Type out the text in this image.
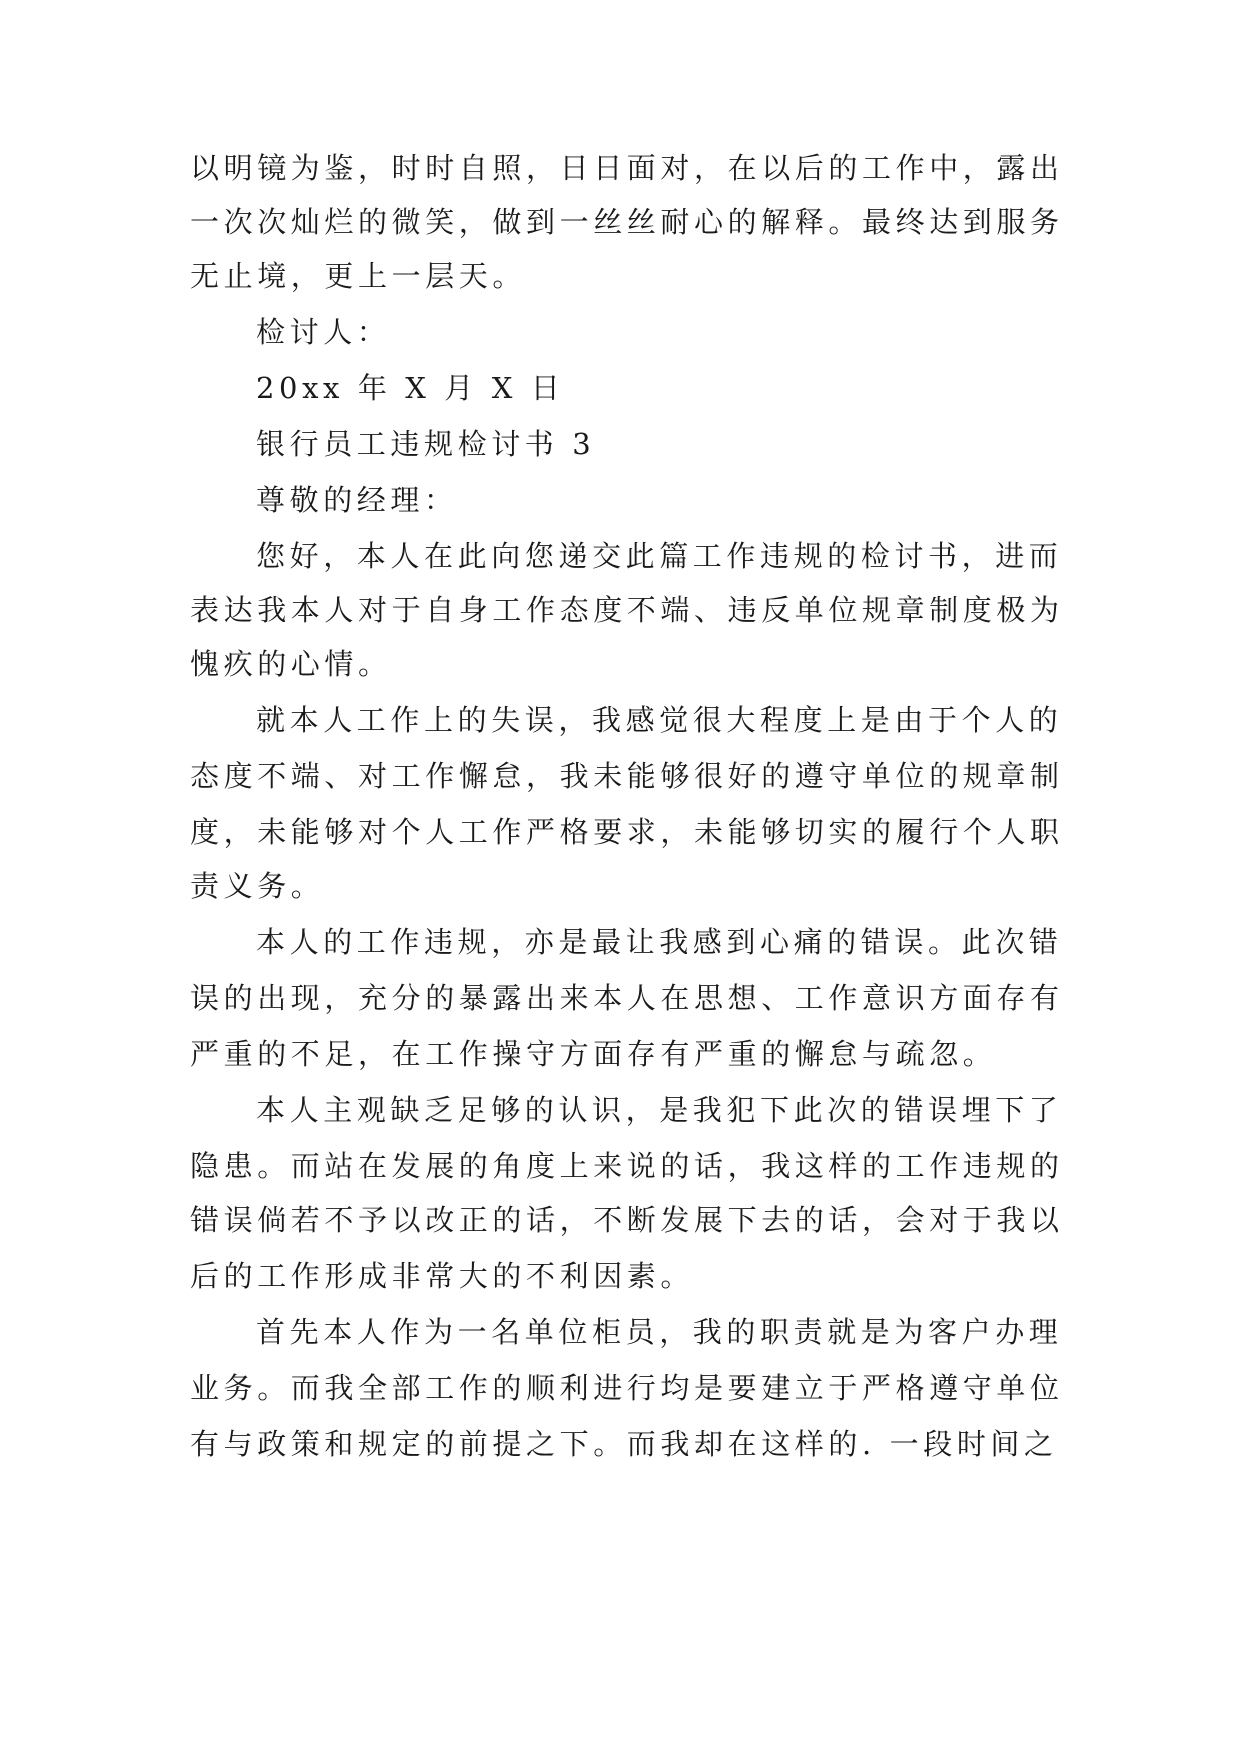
以明镜为鉴，时时自照，日日面对，在以后的工作中，露出
一次次灿烂的微笑，做到一丝丝耐心的解释。最终达到服务
无止境，更上一层天。
检讨人：
20xx 年 X 月 X 日
银行员工违规检讨书 3
尊敬的经理：
您好，本人在此向您递交此篇工作违规的检讨书，进而
表达我本人对于自身工作态度不端、违反单位规章制度极为
愧疚的心情。
就本人工作上的失误，我感觉很大程度上是由于个人的
态度不端、对工作懈怠，我未能够很好的遵守单位的规章制
度，未能够对个人工作严格要求，未能够切实的履行个人职
责义务。
本人的工作违规，亦是最让我感到心痛的错误。此次错
误的出现，充分的暴露出来本人在思想、工作意识方面存有
严重的不足，在工作操守方面存有严重的懈怠与疏忽。
本人主观缺乏足够的认识，是我犯下此次的错误埋下了
隐患。而站在发展的角度上来说的话，我这样的工作违规的
错误倘若不予以改正的话，不断发展下去的话，会对于我以
后的工作形成非常大的不利因素。
首先本人作为一名单位柜员，我的职责就是为客户办理
业务。而我全部工作的顺利进行均是要建立于严格遵守单位
有与政策和规定的前提之下。而我却在这样的. 一段时间之
